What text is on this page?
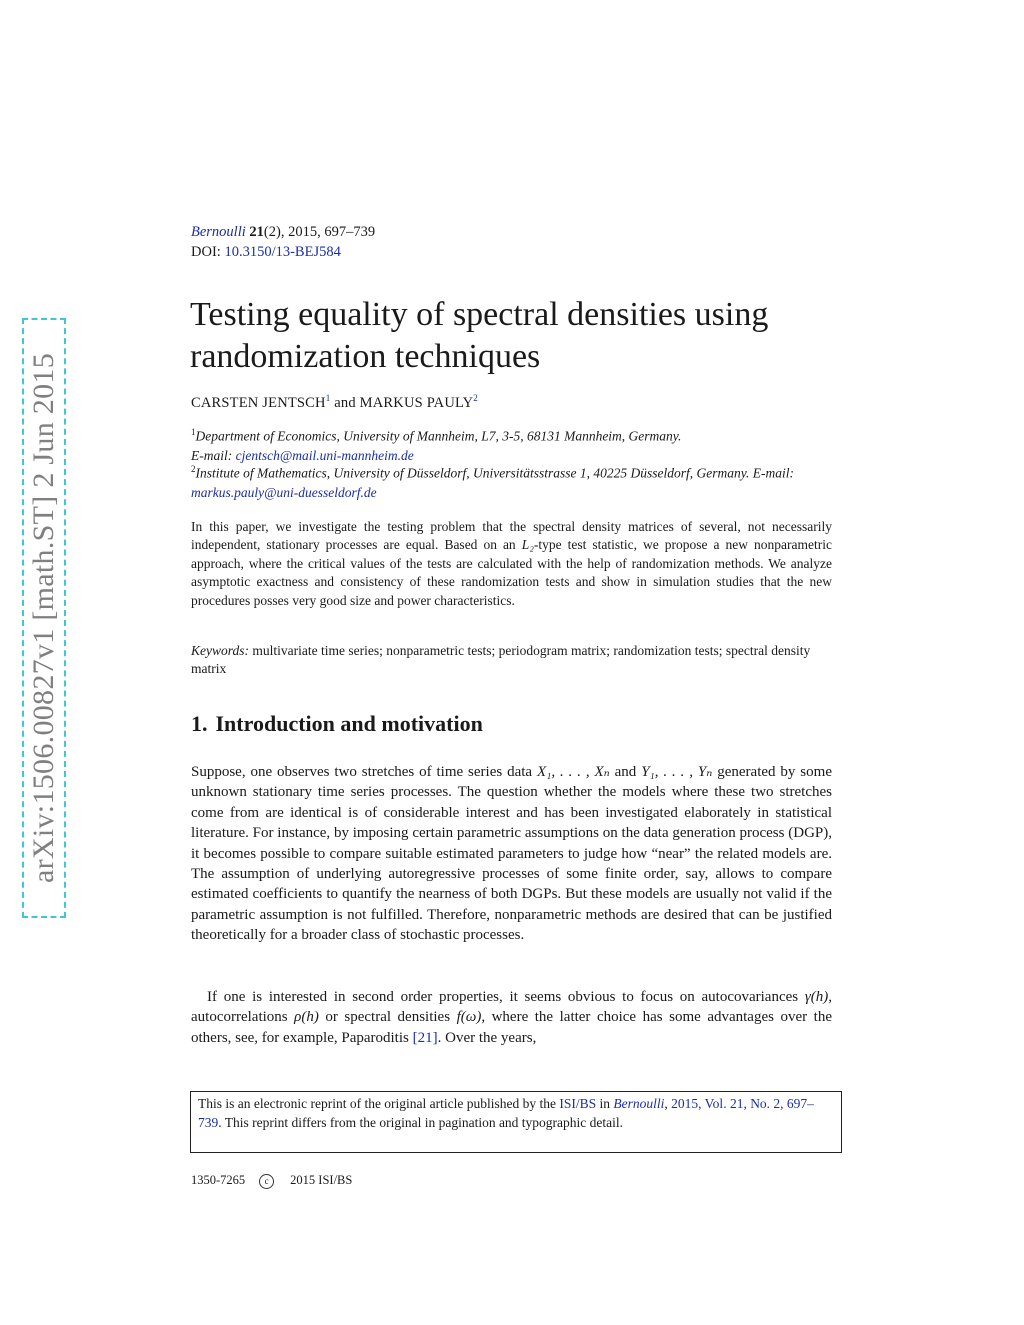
arXiv:1506.00827v1 [math.ST] 2 Jun 2015
Bernoulli 21(2), 2015, 697–739
DOI: 10.3150/13-BEJ584
Testing equality of spectral densities using randomization techniques
CARSTEN JENTSCH$^1$ and MARKUS PAULY$^2$
$^1$Department of Economics, University of Mannheim, L7, 3-5, 68131 Mannheim, Germany.
E-mail: cjentsch@mail.uni-mannheim.de
$^2$Institute of Mathematics, University of Düsseldorf, Universitätsstrasse 1, 40225 Düsseldorf, Germany. E-mail: markus.pauly@uni-duesseldorf.de
In this paper, we investigate the testing problem that the spectral density matrices of several, not necessarily independent, stationary processes are equal. Based on an L₂-type test statistic, we propose a new nonparametric approach, where the critical values of the tests are calculated with the help of randomization methods. We analyze asymptotic exactness and consistency of these randomization tests and show in simulation studies that the new procedures posses very good size and power characteristics.
Keywords: multivariate time series; nonparametric tests; periodogram matrix; randomization tests; spectral density matrix
1. Introduction and motivation

Suppose, one observes two stretches of time series data X₁, . . . , Xₙ and Y₁, . . . , Yₙ generated by some unknown stationary time series processes. The question whether the models where these two stretches come from are identical is of considerable interest and has been investigated elaborately in statistical literature. For instance, by imposing certain parametric assumptions on the data generation process (DGP), it becomes possible to compare suitable estimated parameters to judge how “near” the related models are. The assumption of underlying autoregressive processes of some finite order, say, allows to compare estimated coefficients to quantify the nearness of both DGPs. But these models are usually not valid if the parametric assumption is not fulfilled. Therefore, nonparametric methods are desired that can be justified theoretically for a broader class of stochastic processes.

If one is interested in second order properties, it seems obvious to focus on autocovariances γ(h), autocorrelations ρ(h) or spectral densities f(ω), where the latter choice has some advantages over the others, see, for example, Paparoditis [21]. Over the years,

This is an electronic reprint of the original article published by the ISI/BS in Bernoulli, 2015, Vol. 21, No. 2, 697–739. This reprint differs from the original in pagination and typographic detail.
1350-7265 c 2015 ISI/BS
